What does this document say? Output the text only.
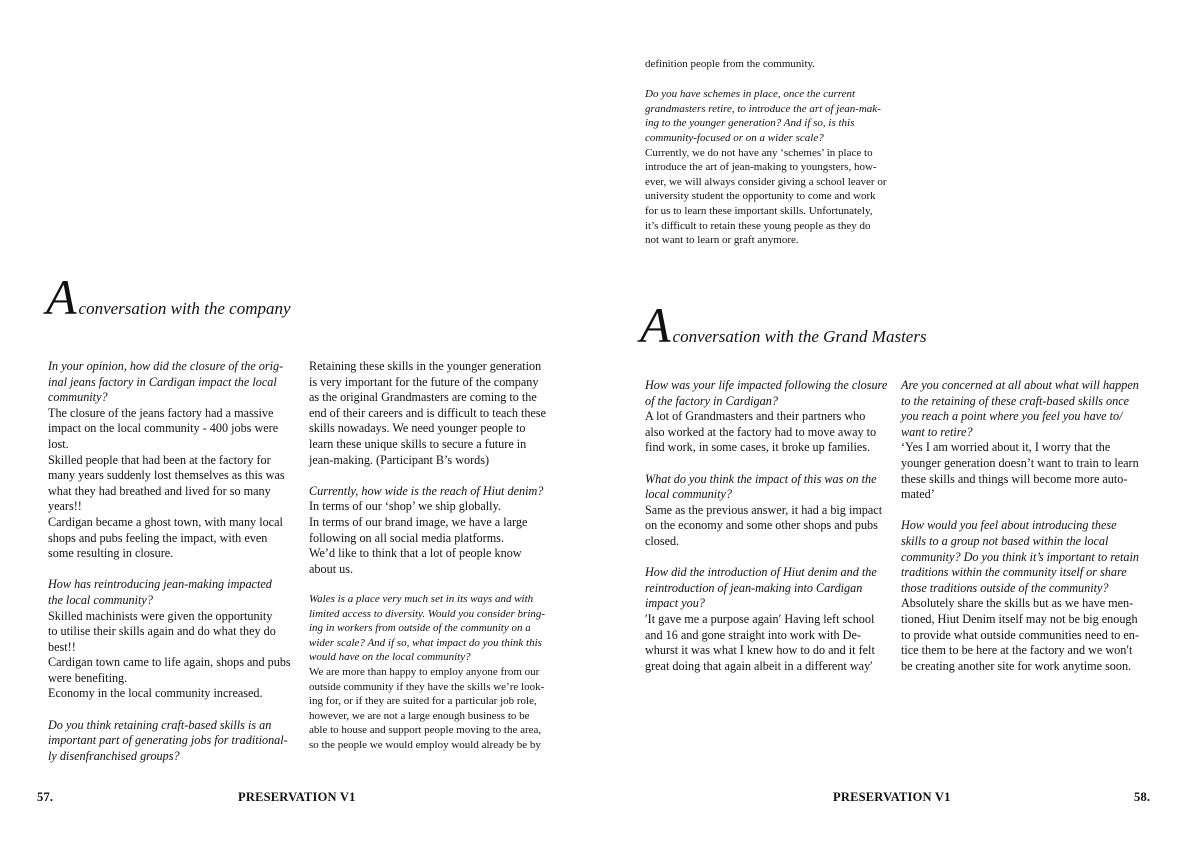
A conversation with the company

In your opinion, how did the closure of the orig-

inal jeans factory in Cardigan impact the local

community?

The closure of the jeans factory had a massive

impact on the local community - 400 jobs were

lost.

Skilled people that had been at the factory for

many years suddenly lost themselves as this was

what they had breathed and lived for so many

years!!

Cardigan became a ghost town, with many local

shops and pubs feeling the impact, with even

some resulting in closure.

How has reintroducing jean-making impacted

the local community?

Skilled machinists were given the opportunity

to utilise their skills again and do what they do

best!!

Cardigan town came to life again, shops and pubs

were benefiting.

Economy in the local community increased.

Do you think retaining craft-based skills is an

important part of generating jobs for traditional-

ly disenfranchised groups?

Retaining these skills in the younger generation

is very important for the future of the company

as the original Grandmasters are coming to the

end of their careers and is difficult to teach these

skills nowadays. We need younger people to

learn these unique skills to secure a future in

jean-making. (Participant B’s words)

Currently, how wide is the reach of Hiut denim?

In terms of our ‘shop’ we ship globally.

In terms of our brand image, we have a large

following on all social media platforms.

We’d like to think that a lot of people know

about us.

Wales is a place very much set in its ways and with

limited access to diversity. Would you consider bring-

ing in workers from outside of the community on a

wider scale? And if so, what impact do you think this

would have on the local community?

We are more than happy to employ anyone from our

outside community if they have the skills we’re look-

ing for, or if they are suited for a particular job role,

however, we are not a large enough business to be

able to house and support people moving to the area,

so the people we would employ would already be by

57.	PRESERVATION V1

definition people from the community.

Do you have schemes in place, once the current

grandmasters retire, to introduce the art of jean-mak-

ing to the younger generation? And if so, is this

community-focused or on a wider scale?

Currently, we do not have any ‘schemes’ in place to

introduce the art of jean-making to youngsters, how-

ever, we will always consider giving a school leaver or

university student the opportunity to come and work

for us to learn these important skills. Unfortunately,

it’s difficult to retain these young people as they do

not want to learn or graft anymore.

A conversation with the Grand Masters

How was your life impacted following the closure

of the factory in Cardigan?

A lot of Grandmasters and their partners who

also worked at the factory had to move away to

find work, in some cases, it broke up families.

What do you think the impact of this was on the

local community?

Same as the previous answer, it had a big impact

on the economy and some other shops and pubs

closed.

How did the introduction of Hiut denim and the

reintroduction of jean-making into Cardigan

impact you?

′It gave me a purpose again′ Having left school

and 16 and gone straight into work with De-

whurst it was what I knew how to do and it felt

great doing that again albeit in a different way′

Are you concerned at all about what will happen

to the retaining of these craft-based skills once

you reach a point where you feel you have to/

want to retire?

‘Yes I am worried about it, I worry that the

younger generation doesn’t want to train to learn

these skills and things will become more auto-

mated’

How would you feel about introducing these

skills to a group not based within the local

community? Do you think it’s important to retain

traditions within the community itself or share

those traditions outside of the community?

Absolutely share the skills but as we have men-

tioned, Hiut Denim itself may not be big enough

to provide what outside communities need to en-

tice them to be here at the factory and we won′t

be creating another site for work anytime soon.

PRESERVATION V1	58.
